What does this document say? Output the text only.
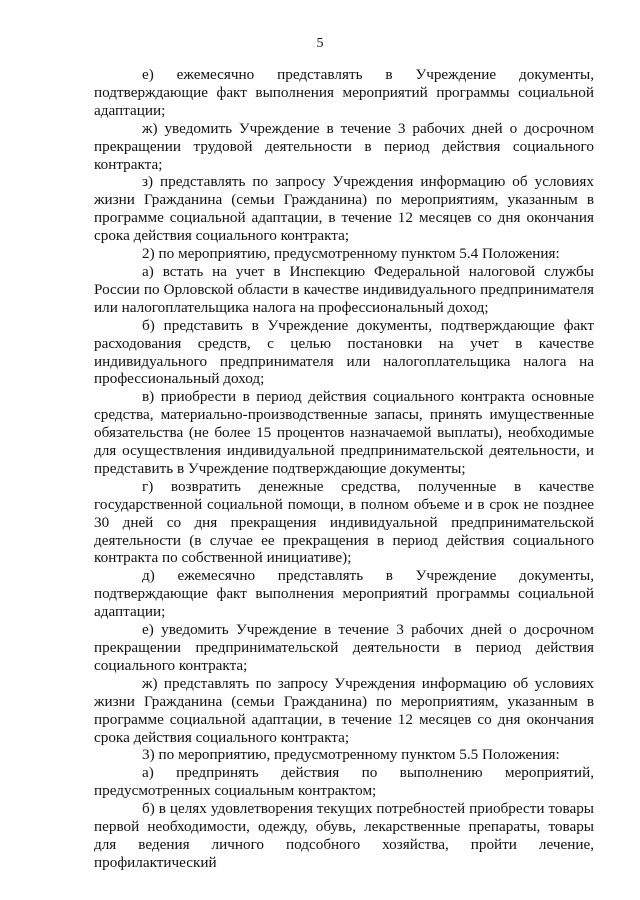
5

е) ежемесячно представлять в Учреждение документы, подтверждающие факт выполнения мероприятий программы социальной адаптации;

ж) уведомить Учреждение в течение 3 рабочих дней о досрочном прекращении трудовой деятельности в период действия социального контракта;

з) представлять по запросу Учреждения информацию об условиях жизни Гражданина (семьи Гражданина) по мероприятиям, указанным в программе социальной адаптации, в течение 12 месяцев со дня окончания срока действия социального контракта;

2) по мероприятию, предусмотренному пунктом 5.4 Положения:

а) встать на учет в Инспекцию Федеральной налоговой службы России по Орловской области в качестве индивидуального предпринимателя или налогоплательщика налога на профессиональный доход;

б) представить в Учреждение документы, подтверждающие факт расходования средств, с целью постановки на учет в качестве индивидуального предпринимателя или налогоплательщика налога на профессиональный доход;

в) приобрести в период действия социального контракта основные средства, материально-производственные запасы, принять имущественные обязательства (не более 15 процентов назначаемой выплаты), необходимые для осуществления индивидуальной предпринимательской деятельности, и представить в Учреждение подтверждающие документы;

г) возвратить денежные средства, полученные в качестве государственной социальной помощи, в полном объеме и в срок не позднее 30 дней со дня прекращения индивидуальной предпринимательской деятельности (в случае ее прекращения в период действия социального контракта по собственной инициативе);

д) ежемесячно представлять в Учреждение документы, подтверждающие факт выполнения мероприятий программы социальной адаптации;

е) уведомить Учреждение в течение 3 рабочих дней о досрочном прекращении предпринимательской деятельности в период действия социального контракта;

ж) представлять по запросу Учреждения информацию об условиях жизни Гражданина (семьи Гражданина) по мероприятиям, указанным в программе социальной адаптации, в течение 12 месяцев со дня окончания срока действия социального контракта;

3) по мероприятию, предусмотренному пунктом 5.5 Положения:

а) предпринять действия по выполнению мероприятий, предусмотренных социальным контрактом;

б) в целях удовлетворения текущих потребностей приобрести товары первой необходимости, одежду, обувь, лекарственные препараты, товары для ведения личного подсобного хозяйства, пройти лечение, профилактический
